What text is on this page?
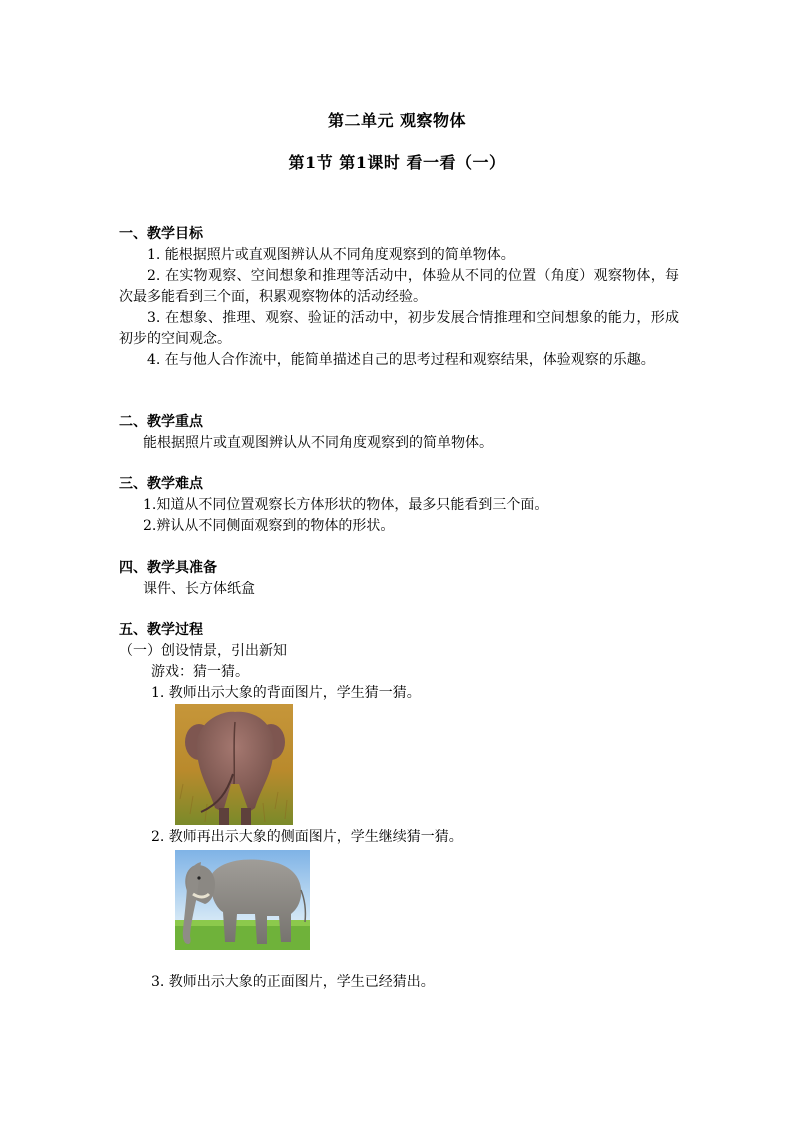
第二单元 观察物体
第1节 第1课时 看一看（一）
一、教学目标
1. 能根据照片或直观图辨认从不同角度观察到的简单物体。
2. 在实物观察、空间想象和推理等活动中，体验从不同的位置（角度）观察物体，每次最多能看到三个面，积累观察物体的活动经验。
3. 在想象、推理、观察、验证的活动中，初步发展合情推理和空间想象的能力，形成初步的空间观念。
4. 在与他人合作流中，能简单描述自己的思考过程和观察结果，体验观察的乐趣。
二、教学重点
能根据照片或直观图辨认从不同角度观察到的简单物体。
三、教学难点
1.知道从不同位置观察长方体形状的物体，最多只能看到三个面。
2.辨认从不同侧面观察到的物体的形状。
四、教学具准备
课件、长方体纸盒
五、教学过程
（一）创设情景，引出新知
游戏：猜一猜。
1. 教师出示大象的背面图片，学生猜一猜。
2. 教师再出示大象的侧面图片，学生继续猜一猜。
3. 教师出示大象的正面图片，学生已经猜出。
